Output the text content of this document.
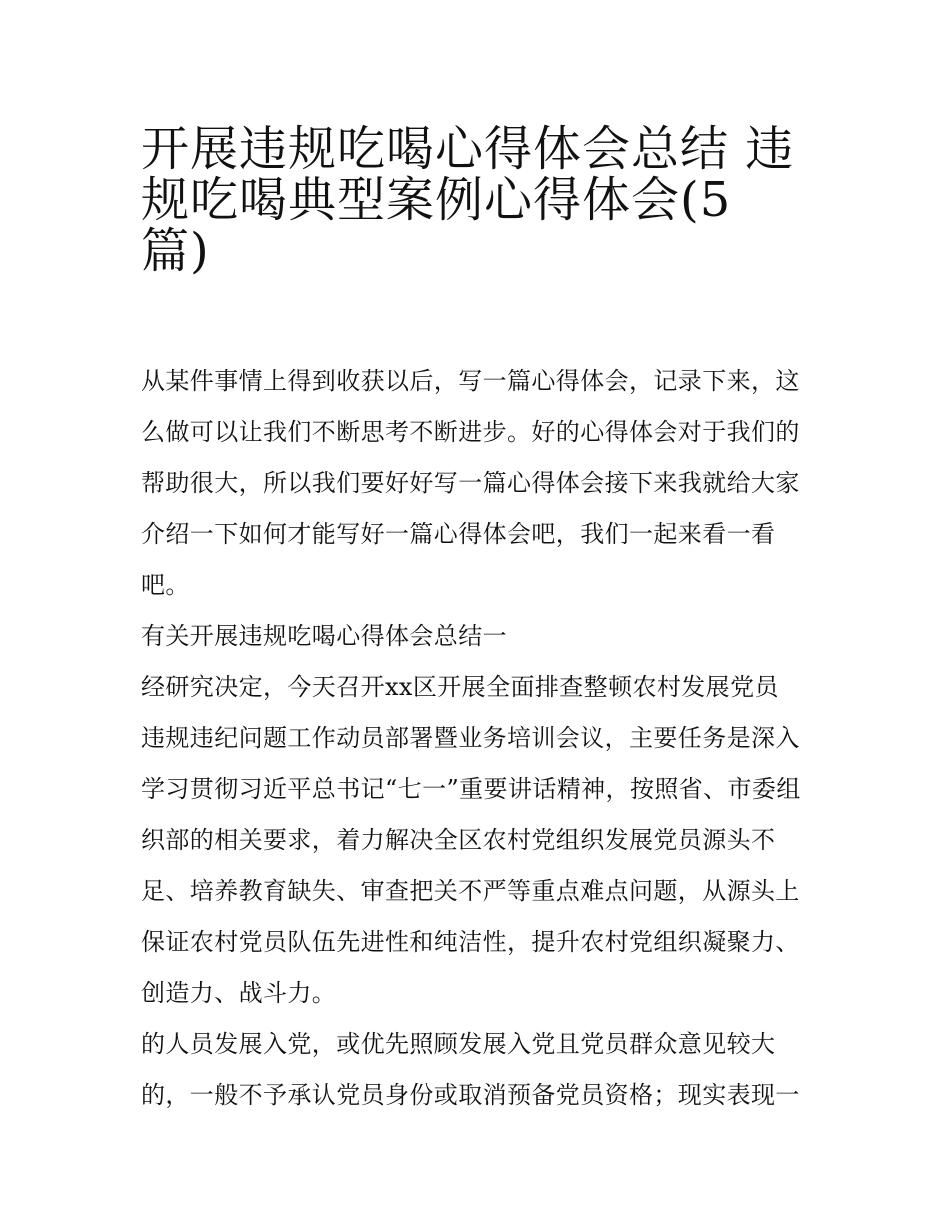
开展违规吃喝心得体会总结 违
规吃喝典型案例心得体会(5
篇)

从某件事情上得到收获以后，写一篇心得体会，记录下来，这
么做可以让我们不断思考不断进步。好的心得体会对于我们的
帮助很大，所以我们要好好写一篇心得体会接下来我就给大家
介绍一下如何才能写好一篇心得体会吧，我们一起来看一看
吧。

有关开展违规吃喝心得体会总结一

经研究决定，今天召开xx区开展全面排查整顿农村发展党员
违规违纪问题工作动员部署暨业务培训会议，主要任务是深入
学习贯彻习近平总书记“七一”重要讲话精神，按照省、市委组
织部的相关要求，着力解决全区农村党组织发展党员源头不
足、培养教育缺失、审查把关不严等重点难点问题，从源头上
保证农村党员队伍先进性和纯洁性，提升农村党组织凝聚力、
创造力、战斗力。

的人员发展入党，或优先照顾发展入党且党员群众意见较大
的，一般不予承认党员身份或取消预备党员资格；现实表现一
